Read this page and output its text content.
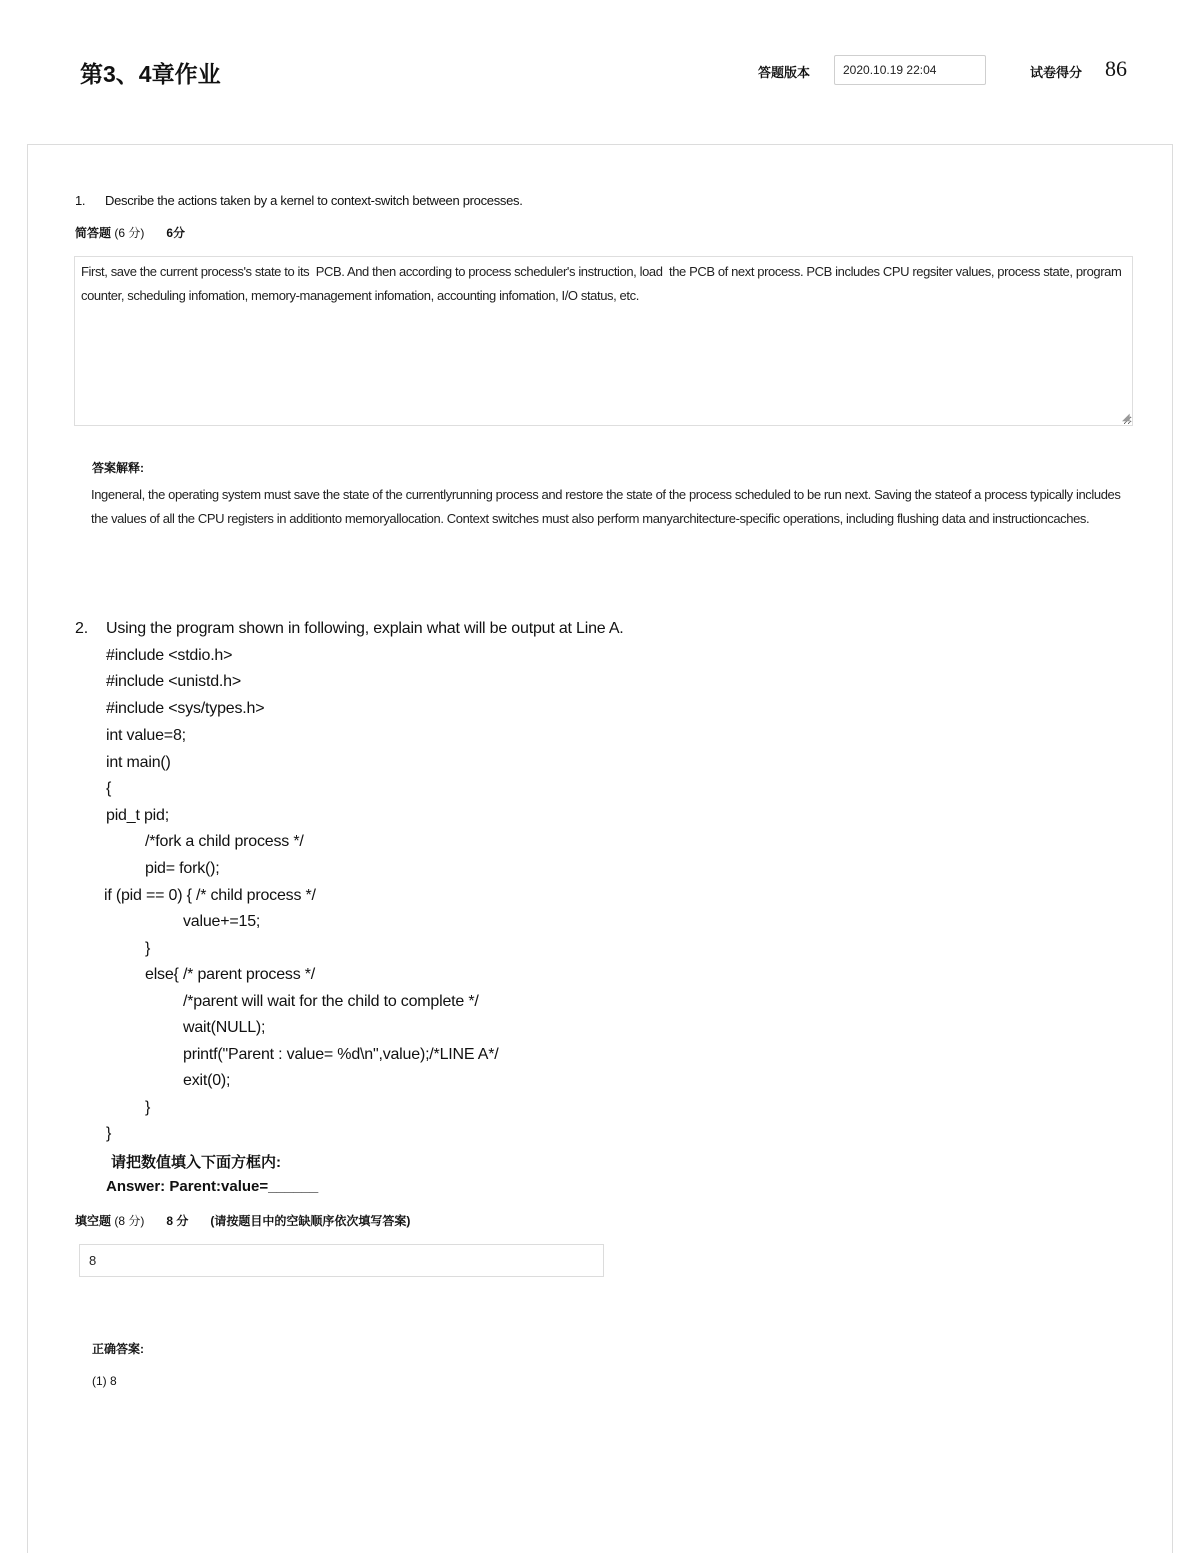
第3、4章作业	答题版本
2020.10.19 22:04	试卷得分 86
1. Describe the actions taken by a kernel to context-switch between processes.
简答题 (6 分) 6分
First, save the current process's state to its PCB. And then according to process scheduler's instruction, load the PCB of next process. PCB includes CPU regsiter values, process state, program counter, scheduling infomation, memory-management infomation, accounting infomation, I/O status, etc.
◢
答案解释:
Ingeneral, the operating system must save the state of the currentlyrunning process and restore the state of the process scheduled to be run next. Saving the stateof a process typically includes the values of all the CPU registers in additionto memoryallocation. Context switches must also perform manyarchitecture-specific operations, including flushing data and instructioncaches.
2. Using the program shown in following, explain what will be output at Line A.
#include <stdio.h>
#include <unistd.h>
#include <sys/types.h>
int value=8;
int main()
{
pid_t pid;
/*fork a child process */
pid= fork();
if (pid == 0) { /* child process */
value+=15;
}
else{ /* parent process */
/*parent will wait for the child to complete */
wait(NULL);
printf("Parent : value= %d\n",value);/*LINE A*/
exit(0);
}
}
请把数值填入下面方框内:
Answer: Parent:value=______
填空题 (8 分) 8 分 (请按题目中的空缺顺序依次填写答案)
8
正确答案:
(1) 8
